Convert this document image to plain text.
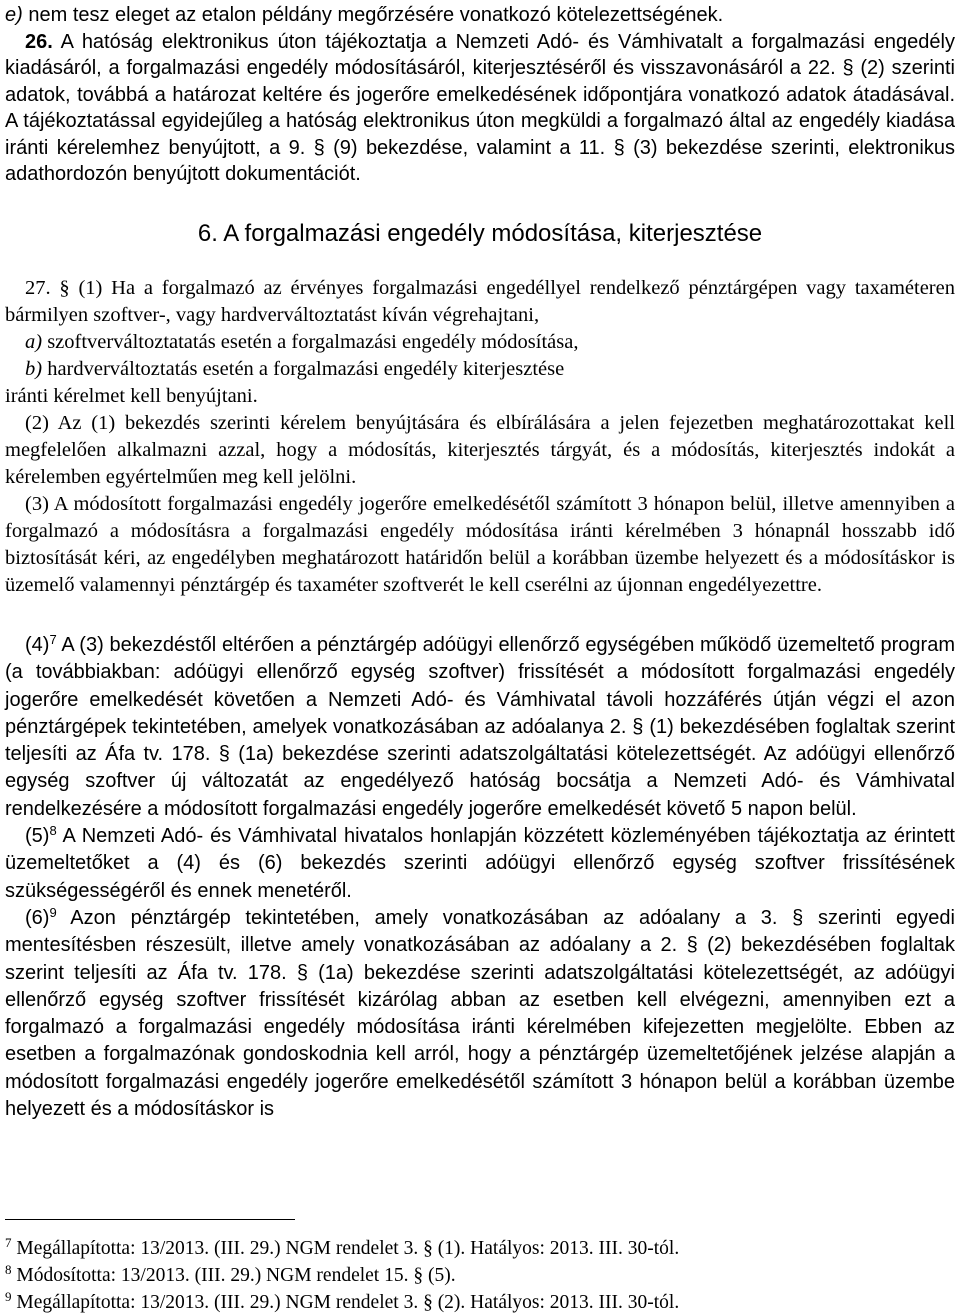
e) nem tesz eleget az etalon példány megőrzésére vonatkozó kötelezettségének.

26. A hatóság elektronikus úton tájékoztatja a Nemzeti Adó- és Vámhivatalt a forgalmazási engedély kiadásáról, a forgalmazási engedély módosításáról, kiterjesztéséről és visszavonásáról a 22. § (2) szerinti adatok, továbbá a határozat keltére és jogerőre emelkedésének időpontjára vonatkozó adatok átadásával. A tájékoztatással egyidejűleg a hatóság elektronikus úton megküldi a forgalmazó által az engedély kiadása iránti kérelemhez benyújtott, a 9. § (9) bekezdése, valamint a 11. § (3) bekezdése szerinti, elektronikus adathordozón benyújtott dokumentációt.

6. A forgalmazási engedély módosítása, kiterjesztése

27. § (1) Ha a forgalmazó az érvényes forgalmazási engedéllyel rendelkező pénztárgépen vagy taxaméteren bármilyen szoftver-, vagy hardverváltoztatást kíván végrehajtani,

a) szoftverváltoztatatás esetén a forgalmazási engedély módosítása,

b) hardverváltoztatás esetén a forgalmazási engedély kiterjesztése

iránti kérelmet kell benyújtani.

(2) Az (1) bekezdés szerinti kérelem benyújtására és elbírálására a jelen fejezetben meghatározottakat kell megfelelően alkalmazni azzal, hogy a módosítás, kiterjesztés tárgyát, és a módosítás, kiterjesztés indokát a kérelemben egyértelműen meg kell jelölni.

(3) A módosított forgalmazási engedély jogerőre emelkedésétől számított 3 hónapon belül, illetve amennyiben a forgalmazó a módosításra a forgalmazási engedély módosítása iránti kérelmében 3 hónapnál hosszabb idő biztosítását kéri, az engedélyben meghatározott határidőn belül a korábban üzembe helyezett és a módosításkor is üzemelő valamennyi pénztárgép és taxaméter szoftverét le kell cserélni az újonnan engedélyezettre.

$(4)^7$ A (3) bekezdéstől eltérően a pénztárgép adóügyi ellenőrző egységében működő üzemeltető program (a továbbiakban: adóügyi ellenőrző egység szoftver) frissítését a módosított forgalmazási engedély jogerőre emelkedését követően a Nemzeti Adó- és Vámhivatal távoli hozzáférés útján végzi el azon pénztárgépek tekintetében, amelyek vonatkozásában az adóalanya 2. § (1) bekezdésében foglaltak szerint teljesíti az Áfa tv. 178. § (1a) bekezdése szerinti adatszolgáltatási kötelezettségét. Az adóügyi ellenőrző egység szoftver új változatát az engedélyező hatóság bocsátja a Nemzeti Adó- és Vámhivatal rendelkezésére a módosított forgalmazási engedély jogerőre emelkedését követő 5 napon belül.

$(5)^8$ A Nemzeti Adó- és Vámhivatal hivatalos honlapján közzétett közleményében tájékoztatja az érintett üzemeltetőket a (4) és (6) bekezdés szerinti adóügyi ellenőrző egység szoftver frissítésének szükségességéről és ennek menetéről.

$(6)^9$ Azon pénztárgép tekintetében, amely vonatkozásában az adóalany a 3. § szerinti egyedi mentesítésben részesült, illetve amely vonatkozásában az adóalany a 2. § (2) bekezdésében foglaltak szerint teljesíti az Áfa tv. 178. § (1a) bekezdése szerinti adatszolgáltatási kötelezettségét, az adóügyi ellenőrző egység szoftver frissítését kizárólag abban az esetben kell elvégezni, amennyiben ezt a forgalmazó a forgalmazási engedély módosítása iránti kérelmében kifejezetten megjelölte. Ebben az esetben a forgalmazónak gondoskodnia kell arról, hogy a pénztárgép üzemeltetőjének jelzése alapján a módosított forgalmazási engedély jogerőre emelkedésétől számított 3 hónapon belül a korábban üzembe helyezett és a módosításkor is

$^7$ Megállapította: 13/2013. (III. 29.) NGM rendelet 3. § (1). Hatályos: 2013. III. 30-tól.
$^8$ Módosította: 13/2013. (III. 29.) NGM rendelet 15. § (5).
$^9$ Megállapította: 13/2013. (III. 29.) NGM rendelet 3. § (2). Hatályos: 2013. III. 30-tól.
